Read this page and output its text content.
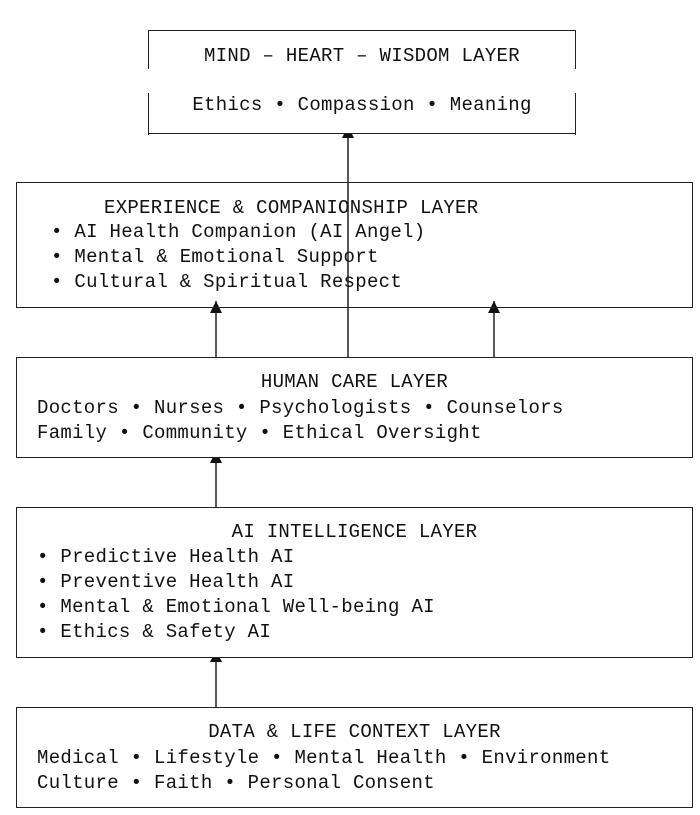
MIND – HEART – WISDOM LAYER
Ethics • Compassion • Meaning
EXPERIENCE & COMPANIONSHIP LAYER
• AI Health Companion (AI Angel)
• Mental & Emotional Support
• Cultural & Spiritual Respect
HUMAN CARE LAYER
Doctors • Nurses • Psychologists • Counselors
Family • Community • Ethical Oversight
AI INTELLIGENCE LAYER
• Predictive Health AI
• Preventive Health AI
• Mental & Emotional Well-being AI
• Ethics & Safety AI
DATA & LIFE CONTEXT LAYER
Medical • Lifestyle • Mental Health • Environment
Culture • Faith • Personal Consent
